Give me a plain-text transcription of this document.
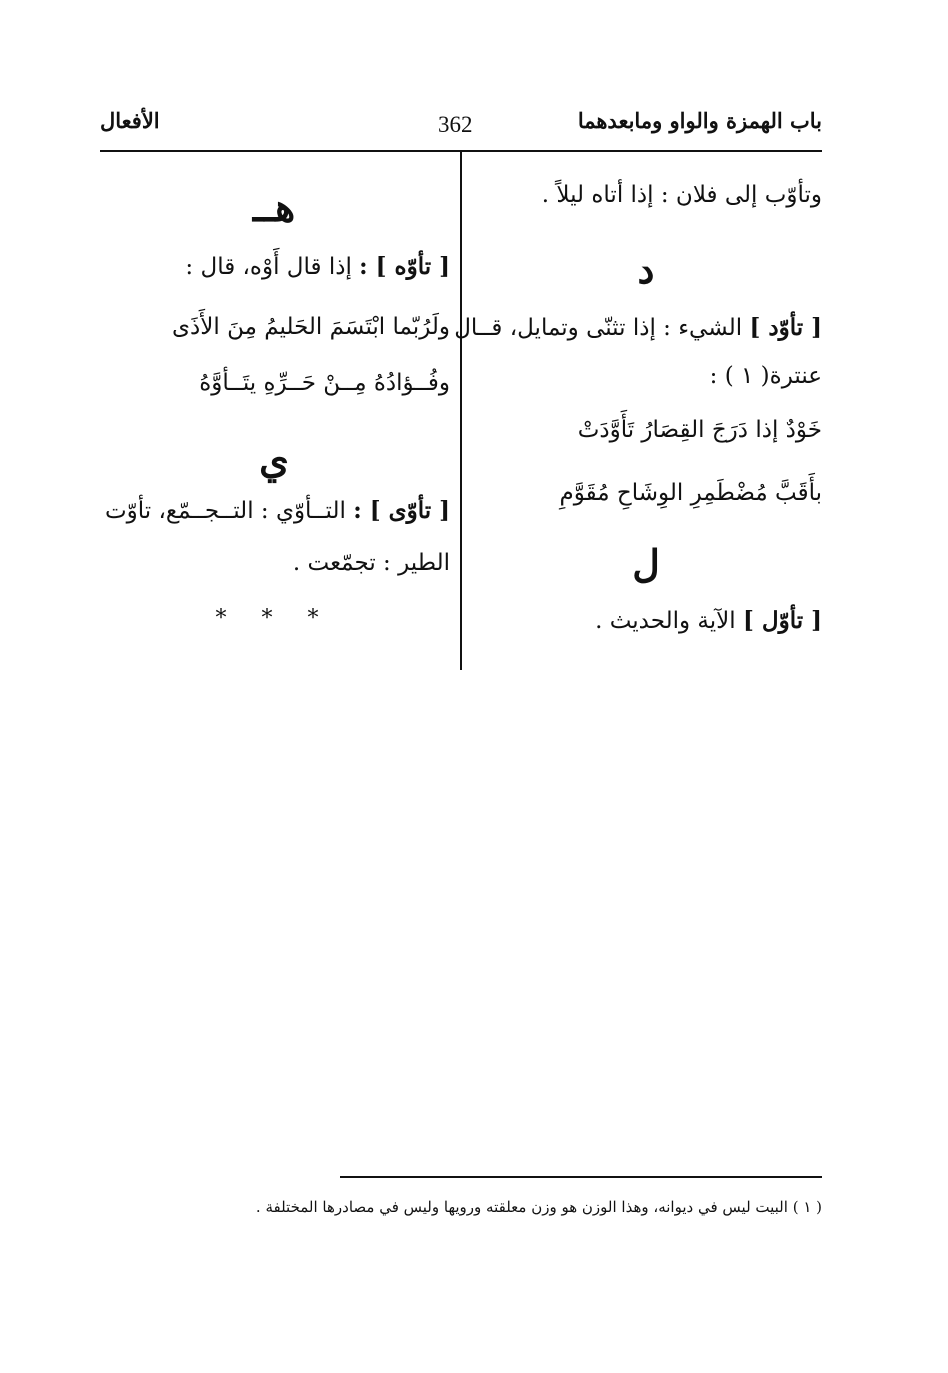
باب الهمزة والواو ومابعدهما
362
الأفعال
وتأوّب إلى فلان : إذا أتاه ليلاً .
د
[ تأوّد ] الشيء : إذا تثنّى وتمايل، قــال
عنترة( ١ ) :
خَوْدٌ إذا دَرَجَ القِصَارُ تَأَوَّدَتْ
بأَقَبَّ مُضْطَمِرِ الوِشَاحِ مُقَوَّمِ
ل
[ تأوّل ] الآية والحديث .
هــ
[ تأوّه ] : إذا قال أَوْه، قال :
ولَرُبّما ابْتَسَمَ الحَليمُ مِنَ الأَذَى
وفُــؤادُهُ مِــنْ حَــرِّهِ يتَــأوَّهُ
ي
[ تأوّى ] : التــأوّي : التــجــمّع، تأوّت
الطير : تجمّعت .
* * *
( ١ ) البيت ليس في ديوانه، وهذا الوزن هو وزن معلقته ورويها وليس في مصادرها المختلفة .
